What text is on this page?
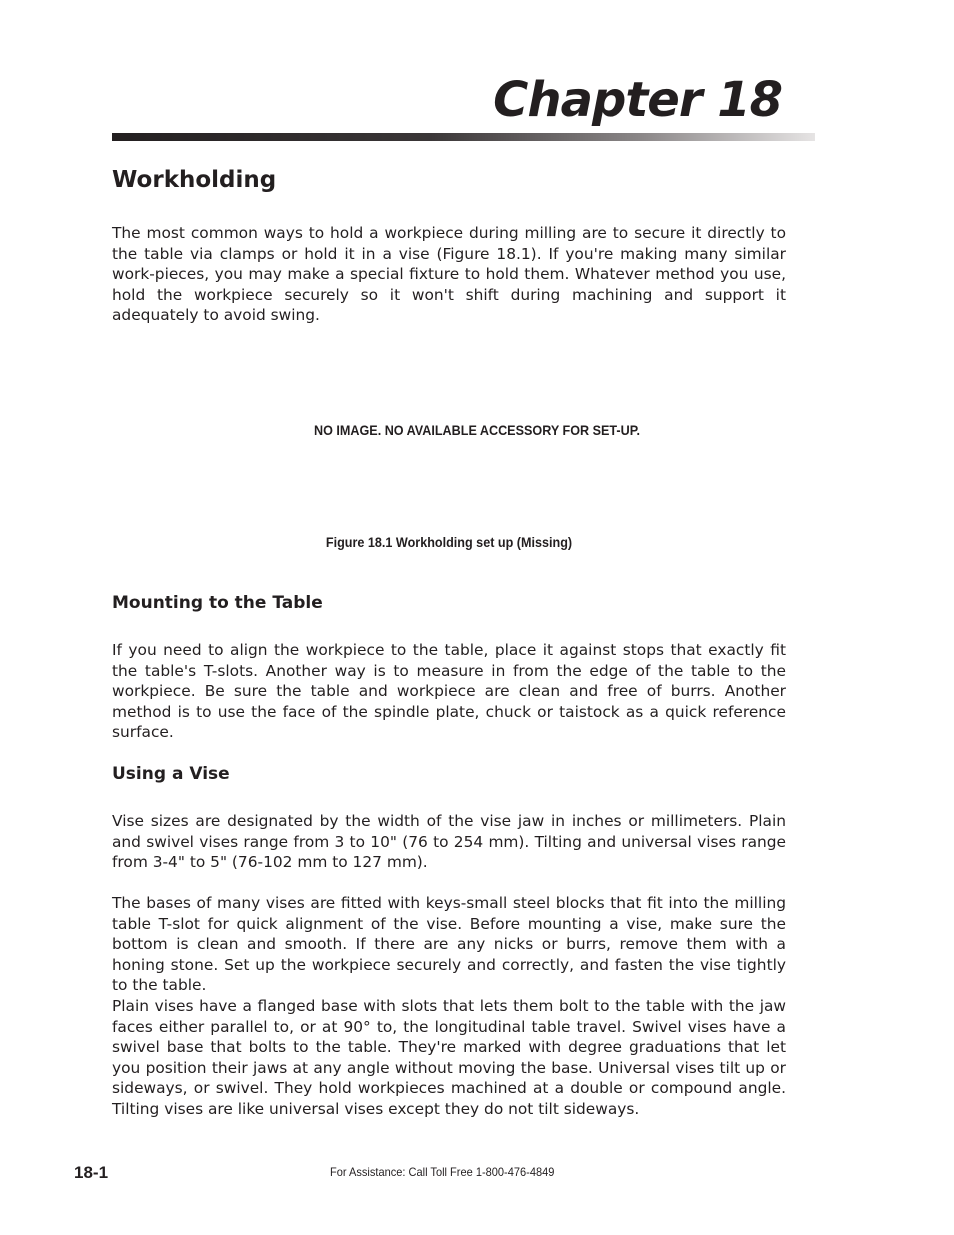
Chapter 18
Workholding

The most common ways to hold a workpiece during milling are to secure it directly to the table via clamps or hold it in a vise (Figure 18.1). If you're making many similar work-pieces, you may make a special fixture to hold them. Whatever method you use, hold the workpiece securely so it won't shift during machining and support it adequately to avoid swing.

NO IMAGE. NO AVAILABLE ACCESSORY FOR SET-UP.
Figure 18.1 Workholding set up (Missing)
Mounting to the Table

If you need to align the workpiece to the table, place it against stops that exactly fit the table's T-slots. Another way is to measure in from the edge of the table to the workpiece. Be sure the table and workpiece are clean and free of burrs. Another method is to use the face of the spindle plate, chuck or taistock as a quick reference surface.

Using a Vise

Vise sizes are designated by the width of the vise jaw in inches or millimeters. Plain and swivel vises range from 3 to 10" (76 to 254 mm). Tilting and universal vises range from 3-4" to 5" (76-102 mm to 127 mm).

The bases of many vises are fitted with keys-small steel blocks that fit into the milling table T-slot for quick alignment of the vise. Before mounting a vise, make sure the bottom is clean and smooth. If there are any nicks or burrs, remove them with a honing stone. Set up the workpiece securely and correctly, and fasten the vise tightly to the table.

Plain vises have a flanged base with slots that lets them bolt to the table with the jaw faces either parallel to, or at 90° to, the longitudinal table travel. Swivel vises have a swivel base that bolts to the table. They're marked with degree graduations that let you position their jaws at any angle without moving the base. Universal vises tilt up or sideways, or swivel. They hold workpieces machined at a double or compound angle. Tilting vises are like universal vises except they do not tilt sideways.

18-1	For Assistance: Call Toll Free 1-800-476-4849
